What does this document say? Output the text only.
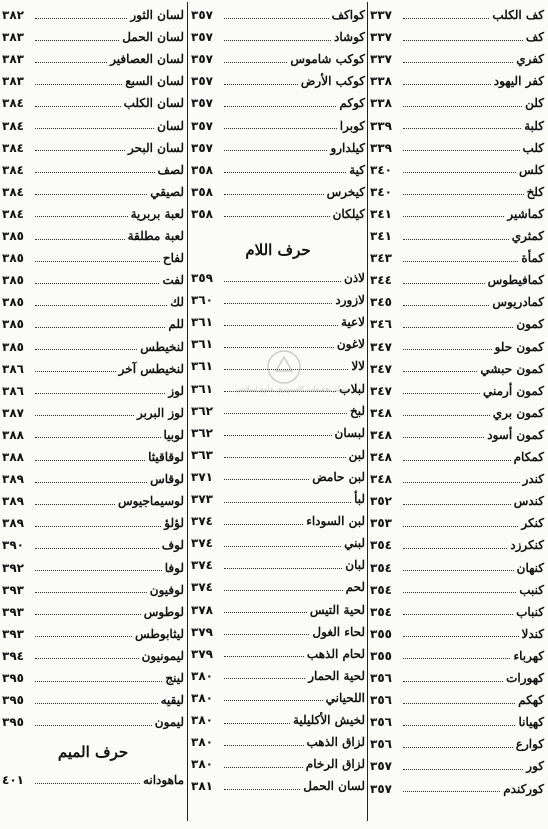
كف الكلب
٣٣٧
كف
٣٣٧
كفري
٣٣٧
كفر اليهود
٣٣٨
كلن
٣٣٨
كلبة
٣٣٩
كلب
٣٣٩
كلس
٣٤٠
كلخ
٣٤٠
كماشير
٣٤١
كمثري
٣٤١
كمأة
٣٤٣
كمافيطوس
٣٤٤
كمادريوس
٣٤٥
كمون
٣٤٦
كمون حلو
٣٤٧
كمون حبشي
٣٤٧
كمون أرمني
٣٤٧
كمون بري
٣٤٨
كمون أسود
٣٤٨
كمكام
٣٤٨
كندر
٣٤٨
كندس
٣٥٢
كنكر
٣٥٣
كنكرزد
٣٥٤
كنهان
٣٥٤
كنبب
٣٥٤
كنباب
٣٥٤
كندلا
٣٥٥
كهرباء
٣٥٥
كهورات
٣٥٦
كهكم
٣٥٦
كهيانا
٣٥٦
كوارع
٣٥٦
كور
٣٥٧
كوركندم
٣٥٧
كواكف
٣٥٧
كوشاد
٣٥٧
كوكب شاموس
٣٥٧
كوكب الأرض
٣٥٧
كوكم
٣٥٧
كوبرا
٣٥٧
كيلدارو
٣٥٧
كية
٣٥٨
كيخرس
٣٥٨
كيلكان
٣٥٨
حرف اللام
لاذن
٣٥٩
لازورد
٣٦٠
لاعية
٣٦١
لاغون
٣٦١
لالا
٣٦١
لبلاب
٣٦١
لبخ
٣٦٢
لبسان
٣٦٢
لبن
٣٦٣
لبن حامض
٣٧١
لبأ
٣٧٣
لبن السوداء
٣٧٤
لبني
٣٧٤
لبان
٣٧٤
لحم
٣٧٤
لحية التيس
٣٧٨
لحاء الغول
٣٧٩
لحام الذهب
٣٧٩
لحية الحمار
٣٨٠
اللحياني
٣٨٠
لخيش الأكليلية
٣٨٠
لزاق الذهب
٣٨٠
لزاق الرخام
٣٨٠
لسان الحمل
٣٨١
لسان الثور
٣٨٢
لسان الحمل
٣٨٣
لسان العصافير
٣٨٣
لسان السبع
٣٨٣
لسان الكلب
٣٨٤
لسان
٣٨٤
لسان البحر
٣٨٤
لصف
٣٨٤
لصيقي
٣٨٤
لعبة بربرية
٣٨٤
لعبة مطلقة
٣٨٥
لفاح
٣٨٥
لفت
٣٨٥
لك
٣٨٥
للم
٣٨٥
لنخيطس
٣٨٥
لنخيطس آخر
٣٨٦
لوز
٣٨٦
لوز البربر
٣٨٧
لوبيا
٣٨٨
لوقاقيثا
٣٨٨
لوقاس
٣٨٩
لوسيماجيوس
٣٨٩
لؤلؤ
٣٨٩
لوف
٣٩٠
لوفا
٣٩٢
لوفيون
٣٩٣
لوطوس
٣٩٣
ليثابوطس
٣٩٣
ليمونيون
٣٩٤
لينج
٣٩٥
ليقيه
٣٩٥
ليمون
٣٩٥
حرف الميم
ماهودانه
٤٠١
مركز تحقيقات كامپيوتري علوم اسلامي
